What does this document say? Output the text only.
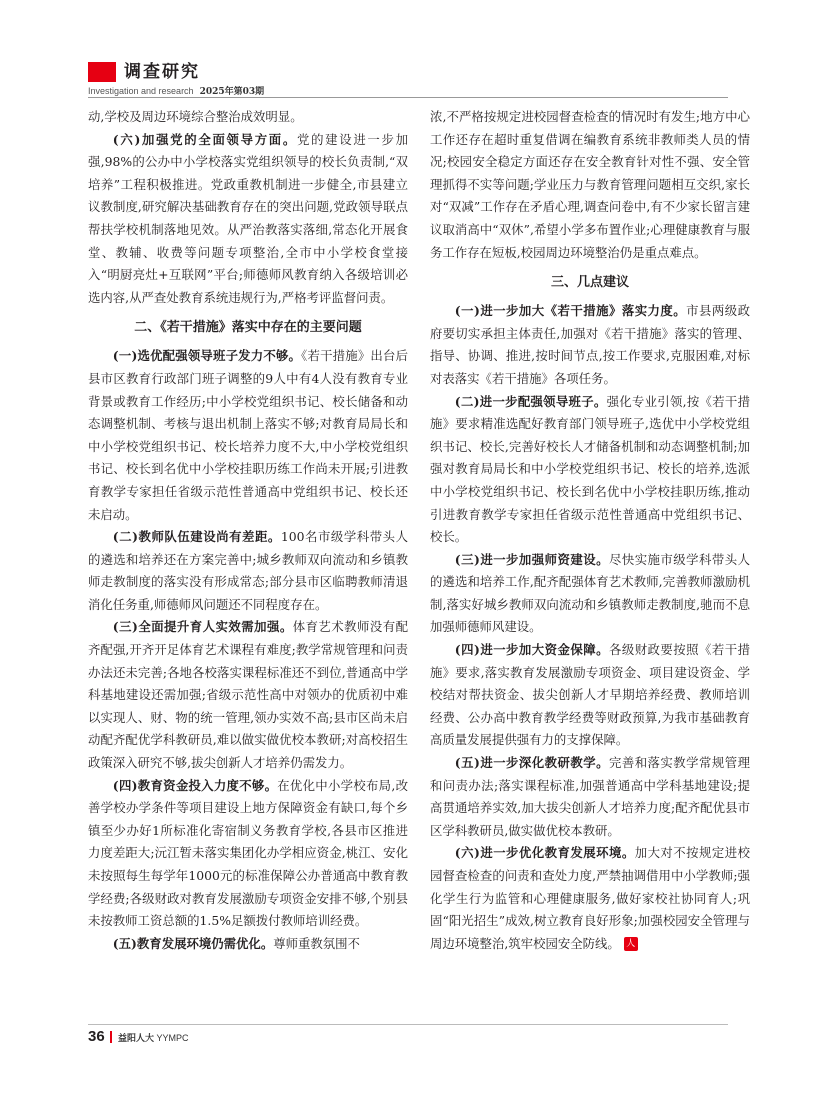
调查研究
Investigation and research 2025年第03期

动,学校及周边环境综合整治成效明显。

(六)加强党的全面领导方面。党的建设进一步加强,98%的公办中小学校落实党组织领导的校长负责制,“双培养”工程积极推进。党政重教机制进一步健全,市县建立议教制度,研究解决基础教育存在的突出问题,党政领导联点帮扶学校机制落地见效。从严治教落实落细,常态化开展食堂、教辅、收费等问题专项整治,全市中小学校食堂接入“明厨亮灶+互联网”平台;师德师风教育纳入各级培训必选内容,从严查处教育系统违规行为,严格考评监督问责。

二、《若干措施》落实中存在的主要问题

(一)选优配强领导班子发力不够。《若干措施》出台后县市区教育行政部门班子调整的9人中有4人没有教育专业背景或教育工作经历;中小学校党组织书记、校长储备和动态调整机制、考核与退出机制上落实不够;对教育局局长和中小学校党组织书记、校长培养力度不大,中小学校党组织书记、校长到名优中小学校挂职历练工作尚未开展;引进教育教学专家担任省级示范性普通高中党组织书记、校长还未启动。

(二)教师队伍建设尚有差距。100名市级学科带头人的遴选和培养还在方案完善中;城乡教师双向流动和乡镇教师走教制度的落实没有形成常态;部分县市区临聘教师清退消化任务重,师德师风问题还不同程度存在。

(三)全面提升育人实效需加强。体育艺术教师没有配齐配强,开齐开足体育艺术课程有难度;教学常规管理和问责办法还未完善;各地各校落实课程标准还不到位,普通高中学科基地建设还需加强;省级示范性高中对领办的优质初中难以实现人、财、物的统一管理,领办实效不高;县市区尚未启动配齐配优学科教研员,难以做实做优校本教研;对高校招生政策深入研究不够,拔尖创新人才培养仍需发力。

(四)教育资金投入力度不够。在优化中小学校布局,改善学校办学条件等项目建设上地方保障资金有缺口,每个乡镇至少办好1所标准化寄宿制义务教育学校,各县市区推进力度差距大;沅江暂未落实集团化办学相应资金,桃江、安化未按照每生每学年1000元的标准保障公办普通高中教育教学经费;各级财政对教育发展激励专项资金安排不够,个别县未按教师工资总额的1.5%足额拨付教师培训经费。

(五)教育发展环境仍需优化。尊师重教氛围不

浓,不严格按规定进校园督查检查的情况时有发生;地方中心工作还存在超时重复借调在编教育系统非教师类人员的情况;校园安全稳定方面还存在安全教育针对性不强、安全管理抓得不实等问题;学业压力与教育管理问题相互交织,家长对“双减”工作存在矛盾心理,调查问卷中,有不少家长留言建议取消高中“双休”,希望小学多布置作业;心理健康教育与服务工作存在短板,校园周边环境整治仍是重点难点。

三、几点建议

(一)进一步加大《若干措施》落实力度。市县两级政府要切实承担主体责任,加强对《若干措施》落实的管理、指导、协调、推进,按时间节点,按工作要求,克服困难,对标对表落实《若干措施》各项任务。

(二)进一步配强领导班子。强化专业引领,按《若干措施》要求精准选配好教育部门领导班子,选优中小学校党组织书记、校长,完善好校长人才储备机制和动态调整机制;加强对教育局局长和中小学校党组织书记、校长的培养,选派中小学校党组织书记、校长到名优中小学校挂职历练,推动引进教育教学专家担任省级示范性普通高中党组织书记、校长。

(三)进一步加强师资建设。尽快实施市级学科带头人的遴选和培养工作,配齐配强体育艺术教师,完善教师激励机制,落实好城乡教师双向流动和乡镇教师走教制度,驰而不息加强师德师风建设。

(四)进一步加大资金保障。各级财政要按照《若干措施》要求,落实教育发展激励专项资金、项目建设资金、学校结对帮扶资金、拔尖创新人才早期培养经费、教师培训经费、公办高中教育教学经费等财政预算,为我市基础教育高质量发展提供强有力的支撑保障。

(五)进一步深化教研教学。完善和落实教学常规管理和问责办法;落实课程标准,加强普通高中学科基地建设;提高贯通培养实效,加大拔尖创新人才培养力度;配齐配优县市区学科教研员,做实做优校本教研。

(六)进一步优化教育发展环境。加大对不按规定进校园督查检查的问责和查处力度,严禁抽调借用中小学教师;强化学生行为监管和心理健康服务,做好家校社协同育人;巩固“阳光招生”成效,树立教育良好形象;加强校园安全管理与周边环境整治,筑牢校园安全防线。 人

36 益阳人大 YYMPC
